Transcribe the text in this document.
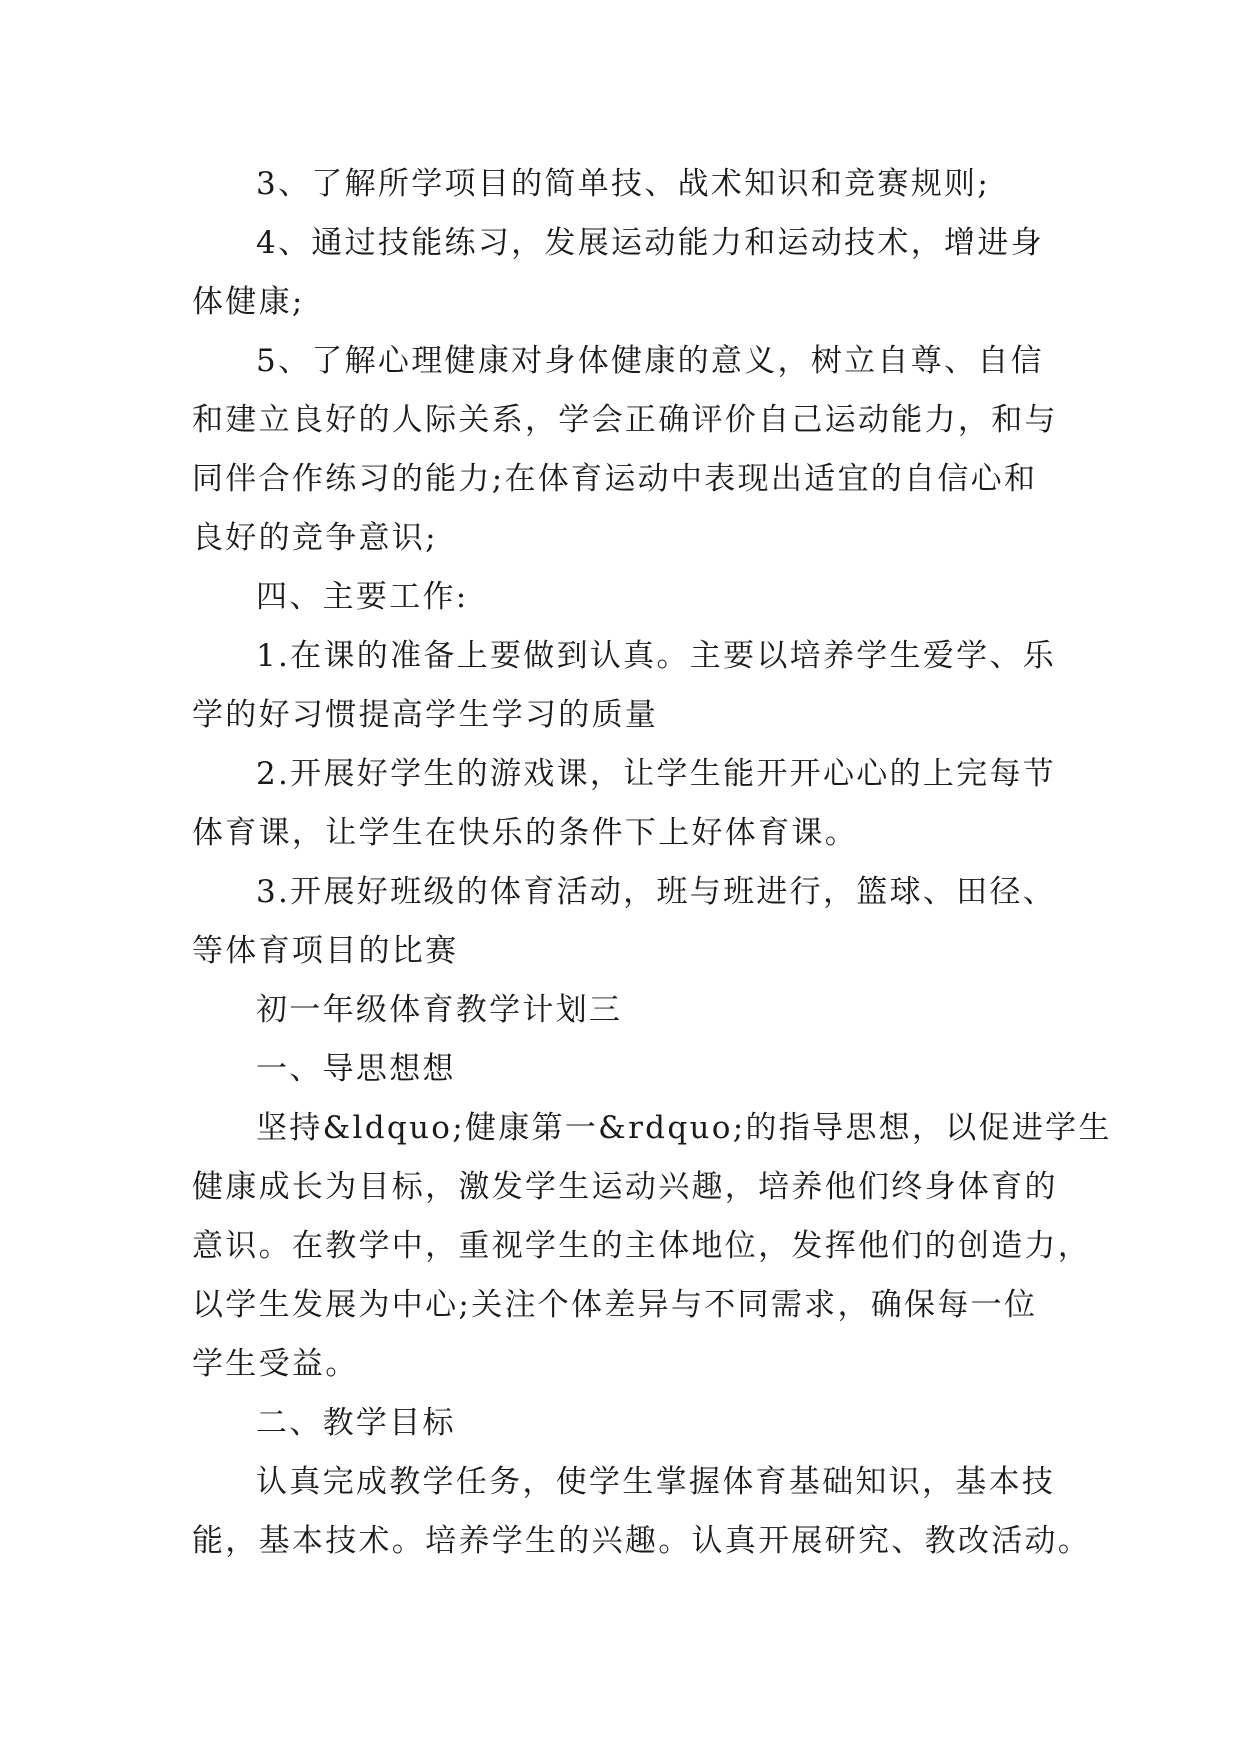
3、了解所学项目的简单技、战术知识和竞赛规则;
4、通过技能练习，发展运动能力和运动技术，增进身
体健康;
5、了解心理健康对身体健康的意义，树立自尊、自信
和建立良好的人际关系，学会正确评价自己运动能力，和与
同伴合作练习的能力;在体育运动中表现出适宜的自信心和
良好的竞争意识;
四、主要工作:
1.在课的准备上要做到认真。主要以培养学生爱学、乐
学的好习惯提高学生学习的质量
2.开展好学生的游戏课，让学生能开开心心的上完每节
体育课，让学生在快乐的条件下上好体育课。
3.开展好班级的体育活动，班与班进行，篮球、田径、
等体育项目的比赛
初一年级体育教学计划三
一、导思想想
坚持&ldquo;健康第一&rdquo;的指导思想，以促进学生
健康成长为目标，激发学生运动兴趣，培养他们终身体育的
意识。在教学中，重视学生的主体地位，发挥他们的创造力，
以学生发展为中心;关注个体差异与不同需求，确保每一位
学生受益。
二、教学目标
认真完成教学任务，使学生掌握体育基础知识，基本技
能，基本技术。培养学生的兴趣。认真开展研究、教改活动。
